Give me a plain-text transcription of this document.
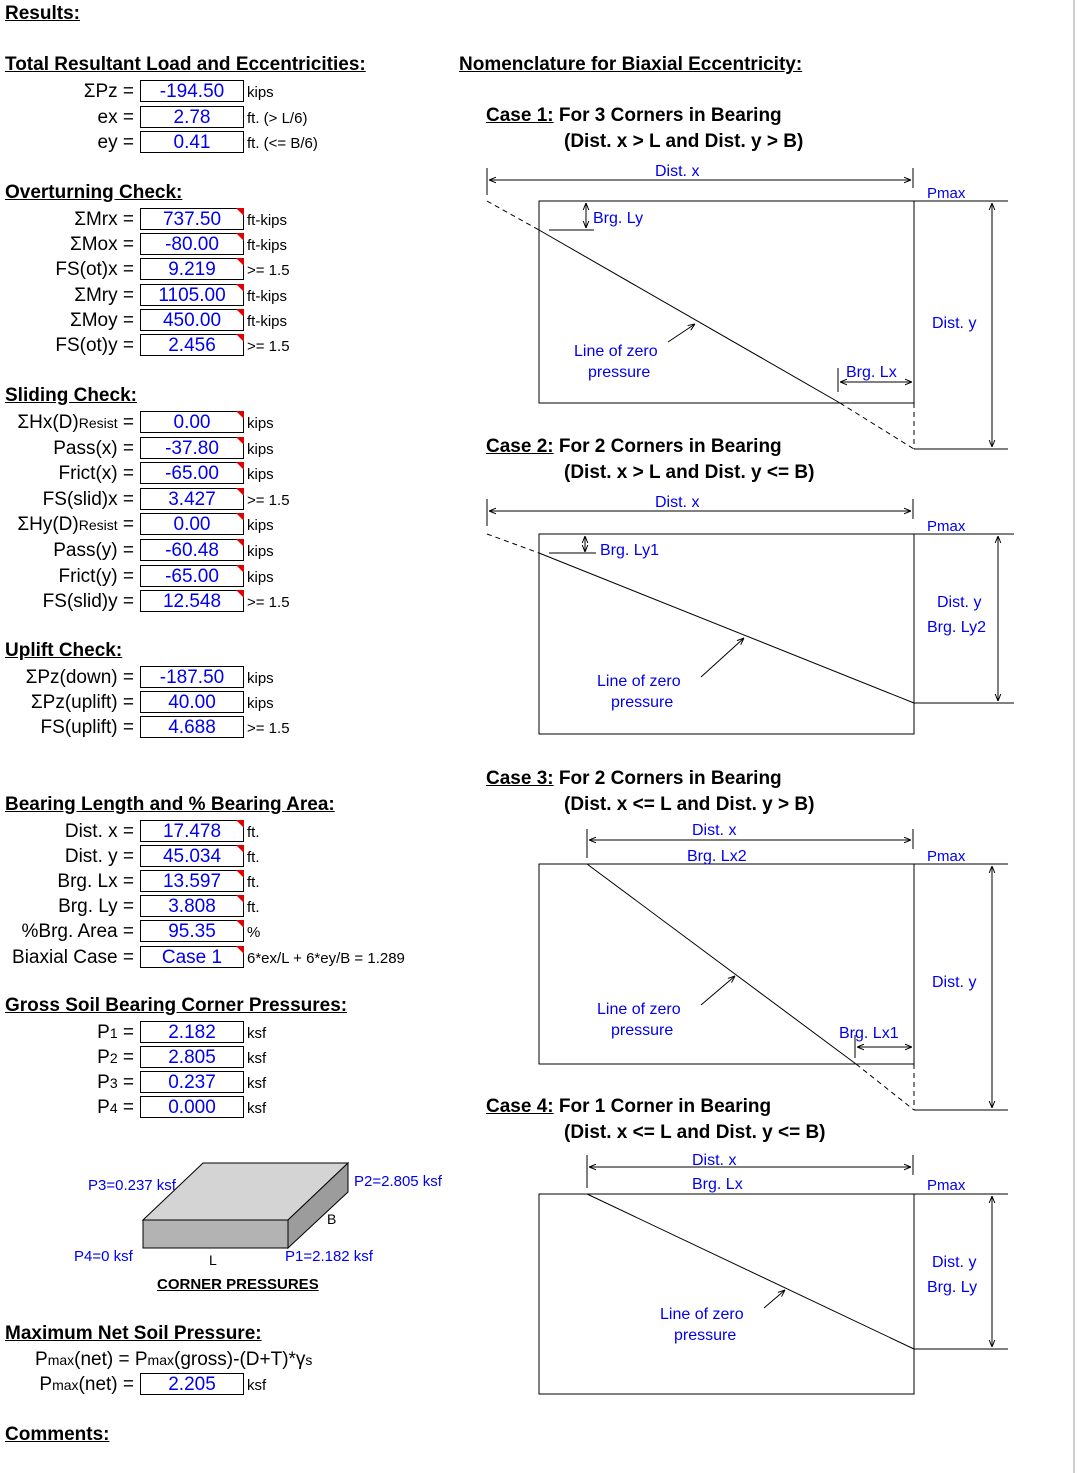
Results:
Total Resultant Load and Eccentricities:
ΣPz =	-194.50	kips
ex =	2.78	ft. (> L/6)
ey =	0.41	ft. (<= B/6)
Overturning Check:
ΣMrx =	737.50	ft-kips
ΣMox =	-80.00	ft-kips
FS(ot)x =	9.219	>= 1.5
ΣMry =	1105.00	ft-kips
ΣMoy =	450.00	ft-kips
FS(ot)y =	2.456	>= 1.5
Sliding Check:
ΣHx(D)Resist =	0.00	kips
Pass(x) =	-37.80	kips
Frict(x) =	-65.00	kips
FS(slid)x =	3.427	>= 1.5
ΣHy(D)Resist =	0.00	kips
Pass(y) =	-60.48	kips
Frict(y) =	-65.00	kips
FS(slid)y =	12.548	>= 1.5
Uplift Check:
ΣPz(down) =	-187.50	kips
ΣPz(uplift) =	40.00	kips
FS(uplift) =	4.688	>= 1.5
Bearing Length and % Bearing Area:
Dist. x =	17.478	ft.
Dist. y =	45.034	ft.
Brg. Lx =	13.597	ft.
Brg. Ly =	3.808	ft.
%Brg. Area =	95.35	%
Biaxial Case =	Case 1	6*ex/L + 6*ey/B = 1.289
Gross Soil Bearing Corner Pressures:
P1 =	2.182	ksf
P2 =	2.805	ksf
P3 =	0.237	ksf
P4 =	0.000	ksf
P3=0.237 ksf	P2=2.805 ksf
P4=0 ksf	P1=2.182 ksf
L
B
CORNER PRESSURES
Maximum Net Soil Pressure:
Pmax(net) = Pmax(gross)-(D+T)*γs
Pmax(net) =	2.205	ksf
Comments:
Nomenclature for Biaxial Eccentricity:
Case 1: For 3 Corners in Bearing
(Dist. x > L and Dist. y > B)
Case 2: For 2 Corners in Bearing
(Dist. x > L and Dist. y <= B)
Case 3: For 2 Corners in Bearing
(Dist. x <= L and Dist. y > B)
Case 4: For 1 Corner in Bearing
(Dist. x <= L and Dist. y <= B)
Dist. x
Pmax
Dist. y
Brg. Ly
Brg. Lx
Line of zero
pressure
Dist. x
Pmax
Dist. y
Brg. Ly2
Brg. Ly1
Line of zero
pressure
Dist. x
Brg. Lx2	Pmax
Dist. y
Brg. Lx1
Line of zero
pressure
Dist. x
Brg. Lx	Pmax
Dist. y
Brg. Ly
Line of zero
pressure
